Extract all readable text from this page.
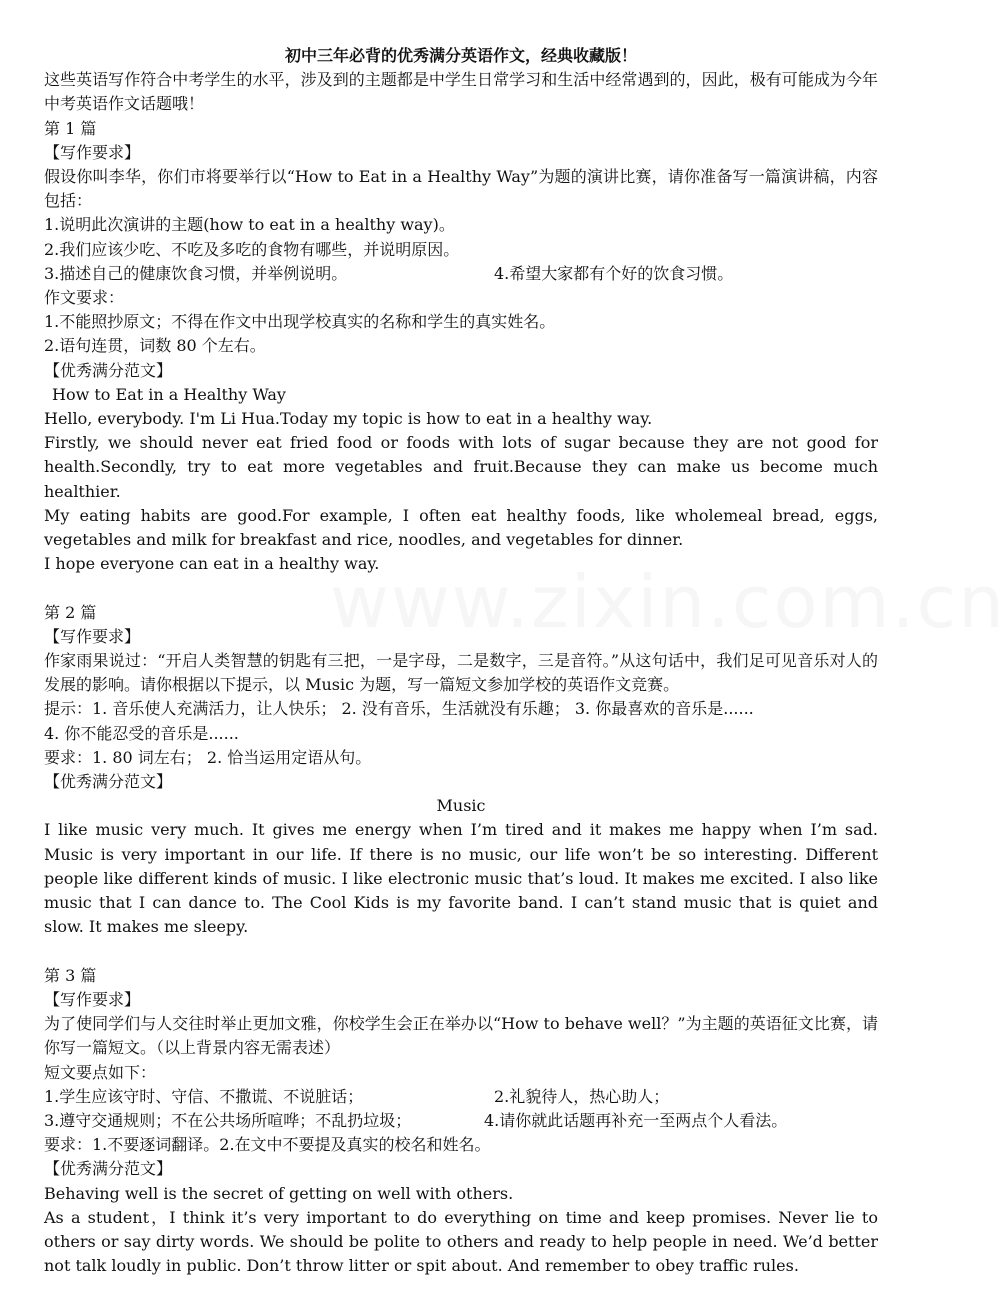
www.zixin.com.cn
初中三年必背的优秀满分英语作文，经典收藏版！
这些英语写作符合中考学生的水平，涉及到的主题都是中学生日常学习和生活中经常遇到的，因此，极有可能成为今年中考英语作文话题哦！
第 1 篇
【写作要求】
假设你叫李华，你们市将要举行以“How to Eat in a Healthy Way”为题的演讲比赛，请你准备写一篇演讲稿，内容包括：
1.说明此次演讲的主题(how to eat in a healthy way)。
2.我们应该少吃、不吃及多吃的食物有哪些，并说明原因。
3.描述自己的健康饮食习惯，并举例说明。	4.希望大家都有个好的饮食习惯。
作文要求：
1.不能照抄原文；不得在作文中出现学校真实的名称和学生的真实姓名。
2.语句连贯，词数 80 个左右。
【优秀满分范文】
How to Eat in a Healthy Way
Hello, everybody. I'm Li Hua.Today my topic is how to eat in a healthy way.
Firstly, we should never eat fried food or foods with lots of sugar because they are not good for health.Secondly, try to eat more vegetables and fruit.Because they can make us become much healthier.
My eating habits are good.For example, I often eat healthy foods, like wholemeal bread, eggs, vegetables and milk for breakfast and rice, noodles, and vegetables for dinner.
I hope everyone can eat in a healthy way.
第 2 篇
【写作要求】
作家雨果说过：“开启人类智慧的钥匙有三把，一是字母，二是数字，三是音符。”从这句话中，我们足可见音乐对人的发展的影响。请你根据以下提示，以 Music 为题，写一篇短文参加学校的英语作文竞赛。
提示：1. 音乐使人充满活力，让人快乐； 2. 没有音乐，生活就没有乐趣； 3. 你最喜欢的音乐是......
4. 你不能忍受的音乐是......
要求：1. 80 词左右； 2. 恰当运用定语从句。
【优秀满分范文】
Music
I like music very much. It gives me energy when I’m tired and it makes me happy when I’m sad. Music is very important in our life. If there is no music, our life won’t be so interesting. Different people like different kinds of music. I like electronic music that’s loud. It makes me excited. I also like music that I can dance to. The Cool Kids is my favorite band. I can’t stand music that is quiet and slow. It makes me sleepy.
第 3 篇
【写作要求】
为了使同学们与人交往时举止更加文雅，你校学生会正在举办以“How to behave well？”为主题的英语征文比赛，请你写一篇短文。（以上背景内容无需表述）
短文要点如下：
1.学生应该守时、守信、不撒谎、不说脏话；	2.礼貌待人，热心助人；
3.遵守交通规则；不在公共场所喧哗；不乱扔垃圾；	4.请你就此话题再补充一至两点个人看法。
要求：1.不要逐词翻译。2.在文中不要提及真实的校名和姓名。
【优秀满分范文】
Behaving well is the secret of getting on well with others.
As a student，I think it’s very important to do everything on time and keep promises. Never lie to others or say dirty words. We should be polite to others and ready to help people in need. We’d better not talk loudly in public. Don’t throw litter or spit about. And remember to obey traffic rules.
